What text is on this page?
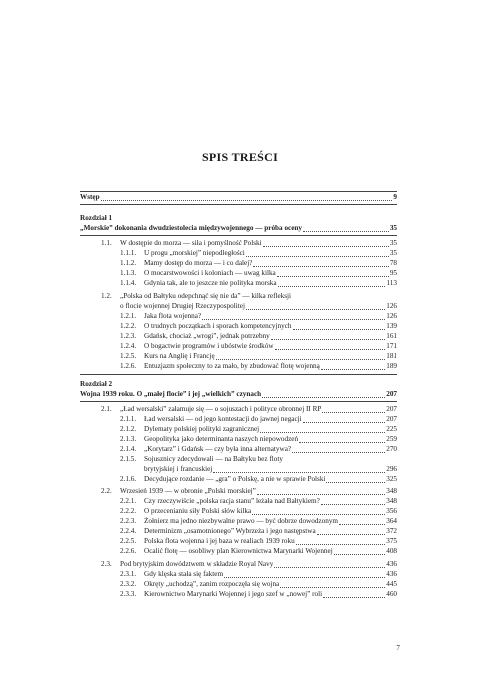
SPIS TREŚCI
Wstęp	9
Rozdział 1
„Morskie” dokonania dwudziestolecia międzywojennego — próba oceny	35
1.1.	W dostępie do morza — siła i pomyślność Polski	35
1.1.1.	U progu „morskiej” niepodległości	35
1.1.2.	Mamy dostęp do morza — i co dalej?	78
1.1.3.	O mocarstwowości i koloniach — uwag kilka	95
1.1.4.	Gdynia tak, ale to jeszcze nie polityka morska	113
1.2. „Polska od Bałtyku odepchnąć się nie da” — kilka refleksji
o flocie wojennej Drugiej Rzeczypospolitej	126
1.2.1.	Jaka flota wojenna?	126
1.2.2.	O trudnych początkach i sporach kompetencyjnych	139
1.2.3.	Gdańsk, chociaż „wrogi”, jednak potrzebny	161
1.2.4.	O bogactwie programów i ubóstwie środków	171
1.2.5.	Kurs na Anglię i Francję	181
1.2.6.	Entuzjazm społeczny to za mało, by zbudować flotę wojenną	189
Rozdział 2
Wojna 1939 roku. O „małej flocie” i jej „wielkich” czynach	207
2.1.	„Ład wersalski” załamuje się — o sojuszach i polityce obronnej II RP	207
2.1.1.	Ład wersalski — od jego kontestacji do jawnej negacji	207
2.1.2.	Dylematy polskiej polityki zagranicznej	225
2.1.3.	Geopolityka jako determinanta naszych niepowodzeń	259
2.1.4.	„Korytarz” i Gdańsk — czy była inna alternatywa?	270
2.1.5. Sojusznicy zdecydowali — na Bałtyku bez floty
brytyjskiej i francuskiej	296
2.1.6.	Decydujące rozdanie — „gra” o Polskę, a nie w sprawie Polski	325
2.2.	Wrzesień 1939 — w obronie „Polski morskiej”	348
2.2.1.	Czy rzeczywiście „polska racja stanu” leżała nad Bałtykiem?	348
2.2.2.	O przecenianiu siły Polski słów kilka	356
2.2.3.	Żołnierz ma jedno niezbywalne prawo — być dobrze dowodzonym	364
2.2.4.	Determinizm „osamotnionego” Wybrzeża i jego następstwa	372
2.2.5.	Polska flota wojenna i jej baza w realiach 1939 roku	375
2.2.6.	Ocalić flotę — osobliwy plan Kierownictwa Marynarki Wojennej	408
2.3.	Pod brytyjskim dowództwem w składzie Royal Navy	436
2.3.1.	Gdy klęska stała się faktem	436
2.3.2.	Okręty „uchodzą”, zanim rozpoczęła się wojna	445
2.3.3.	Kierownictwo Marynarki Wojennej i jego szef w „nowej” roli	460
7
